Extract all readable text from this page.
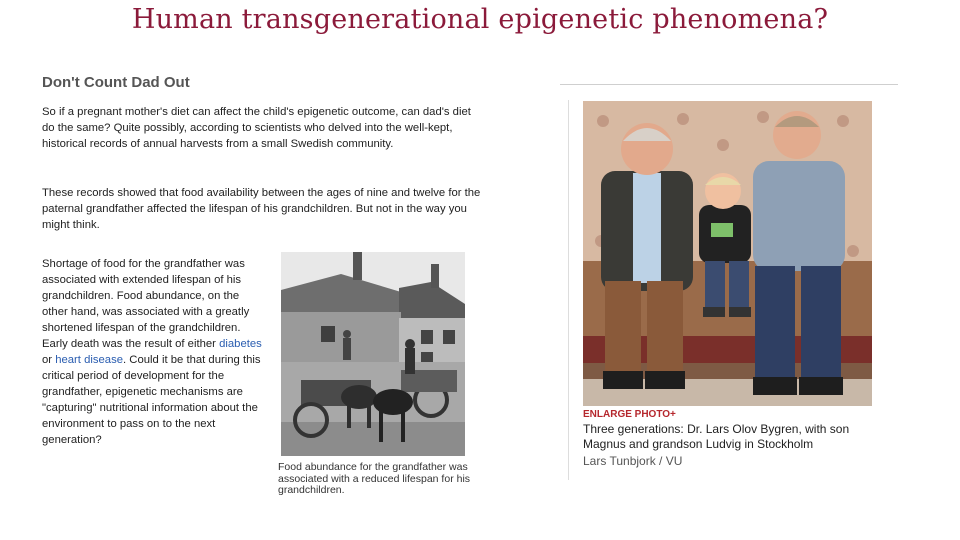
Human transgenerational epigenetic phenomena?
Don't Count Dad Out
So if a pregnant mother's diet can affect the child's epigenetic outcome, can dad's diet do the same? Quite possibly, according to scientists who delved into the well-kept, historical records of annual harvests from a small Swedish community.
These records showed that food availability between the ages of nine and twelve for the paternal grandfather affected the lifespan of his grandchildren. But not in the way you might think.
Shortage of food for the grandfather was associated with extended lifespan of his grandchildren. Food abundance, on the other hand, was associated with a greatly shortened lifespan of the grandchildren. Early death was the result of either diabetes or heart disease. Could it be that during this critical period of development for the grandfather, epigenetic mechanisms are "capturing" nutritional information about the environment to pass on to the next generation?
Food abundance for the grandfather was associated with a reduced lifespan for his grandchildren.
ENLARGE PHOTO+
Three generations: Dr. Lars Olov Bygren, with son Magnus and grandson Ludvig in Stockholm
Lars Tunbjork / VU
